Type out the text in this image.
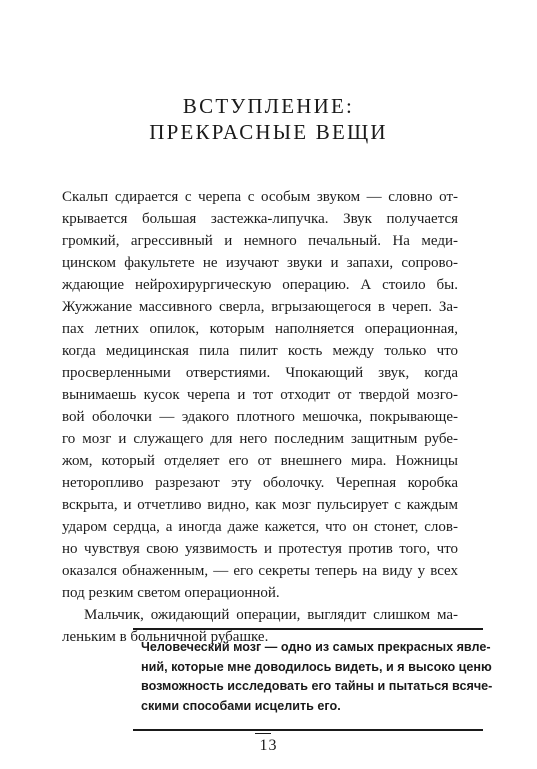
ВСТУПЛЕНИЕ:
ПРЕКРАСНЫЕ ВЕЩИ
Скальп сдирается с черепа с особым звуком — словно от-
крывается большая застежка-липучка. Звук получается
громкий, агрессивный и немного печальный. На меди-
цинском факультете не изучают звуки и запахи, сопрово-
ждающие нейрохирургическую операцию. А стоило бы.
Жужжание массивного сверла, вгрызающегося в череп. За-
пах летних опилок, которым наполняется операционная,
когда медицинская пила пилит кость между только что
просверленными отверстиями. Чпокающий звук, когда
вынимаешь кусок черепа и тот отходит от твердой мозго-
вой оболочки — эдакого плотного мешочка, покрывающе-
го мозг и служащего для него последним защитным рубе-
жом, который отделяет его от внешнего мира. Ножницы
неторопливо разрезают эту оболочку. Черепная коробка
вскрыта, и отчетливо видно, как мозг пульсирует с каждым
ударом сердца, а иногда даже кажется, что он стонет, слов-
но чувствуя свою уязвимость и протестуя против того, что
оказался обнаженным, — его секреты теперь на виду у всех
под резким светом операционной.
Мальчик, ожидающий операции, выглядит слишком ма-
леньким в больничной рубашке.
Человеческий мозг — одно из самых прекрасных явле-
ний, которые мне доводилось видеть, и я высоко ценю
возможность исследовать его тайны и пытаться всяче-
скими способами исцелить его.
13
